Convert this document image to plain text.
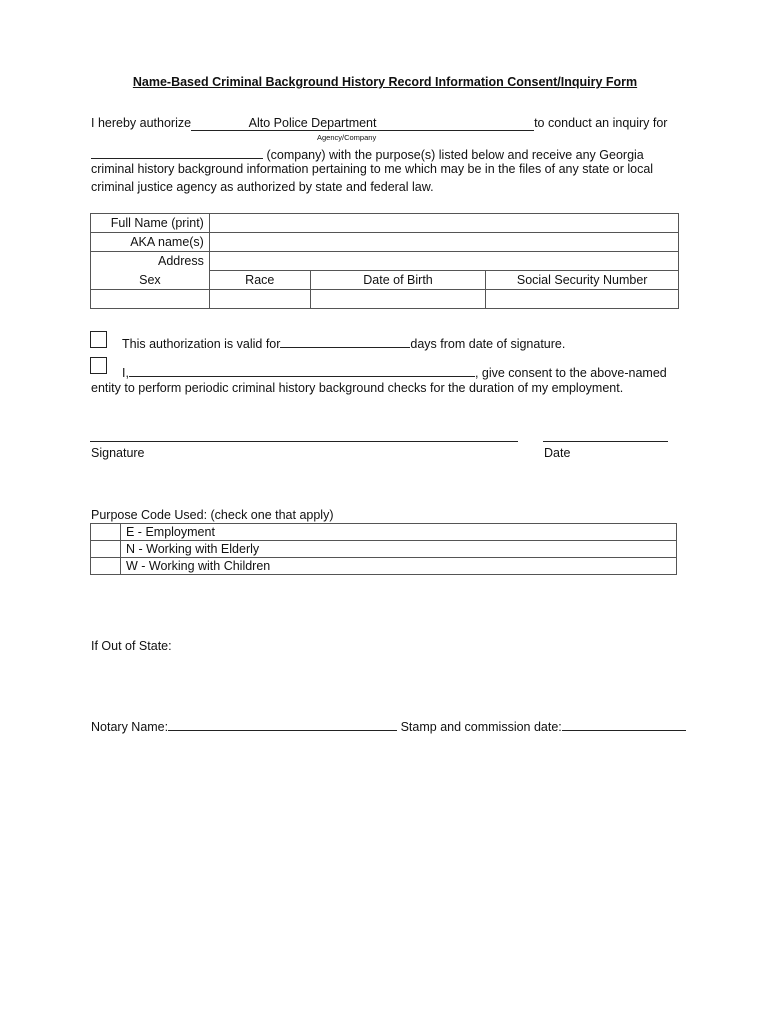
Name-Based Criminal Background History Record Information Consent/Inquiry Form
I hereby authorize	Alto Police Department	to conduct an inquiry for
Agency/Company
(company) with the purpose(s) listed below and receive any Georgia
criminal history background information pertaining to me which may be in the files of any state or local
criminal justice agency as authorized by state and federal law.
Full Name (print)			
AKA name(s)			
Address			
Sex	Race	Date of Birth	Social Security Number

This authorization is valid for	days from date of signature.
I,	, give consent to the above-named
entity to perform periodic criminal history background checks for the duration of my employment.
Signature	Date
Purpose Code Used: (check one that apply)
	E - Employment
	N - Working with Elderly
	W - Working with Children
If Out of State:
Notary Name:	Stamp and commission date:
